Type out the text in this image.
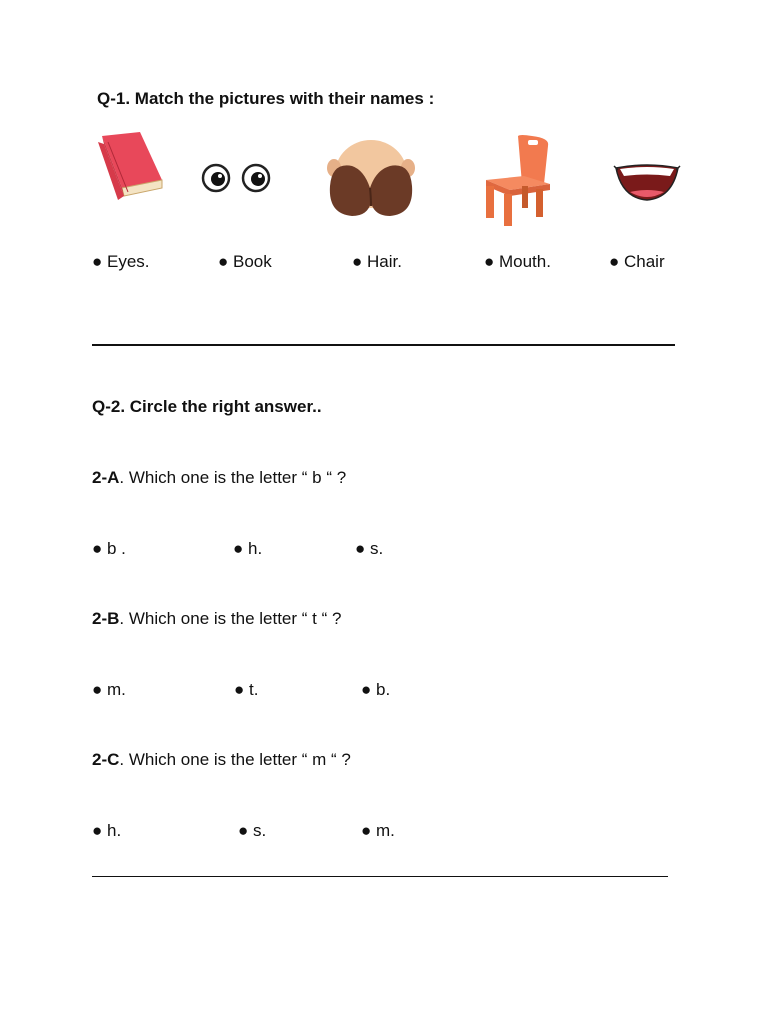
Q-1. Match the pictures with their names :
● Eyes.	● Book	● Hair.	● Mouth.	● Chair
Q-2. Circle the right answer..
2-A. Which one is the letter “ b “ ?
● b .	● h.	● s.
2-B. Which one is the letter “ t “ ?
● m.	● t.	● b.
2-C. Which one is the letter “ m “ ?
● h.	● s.	● m.
